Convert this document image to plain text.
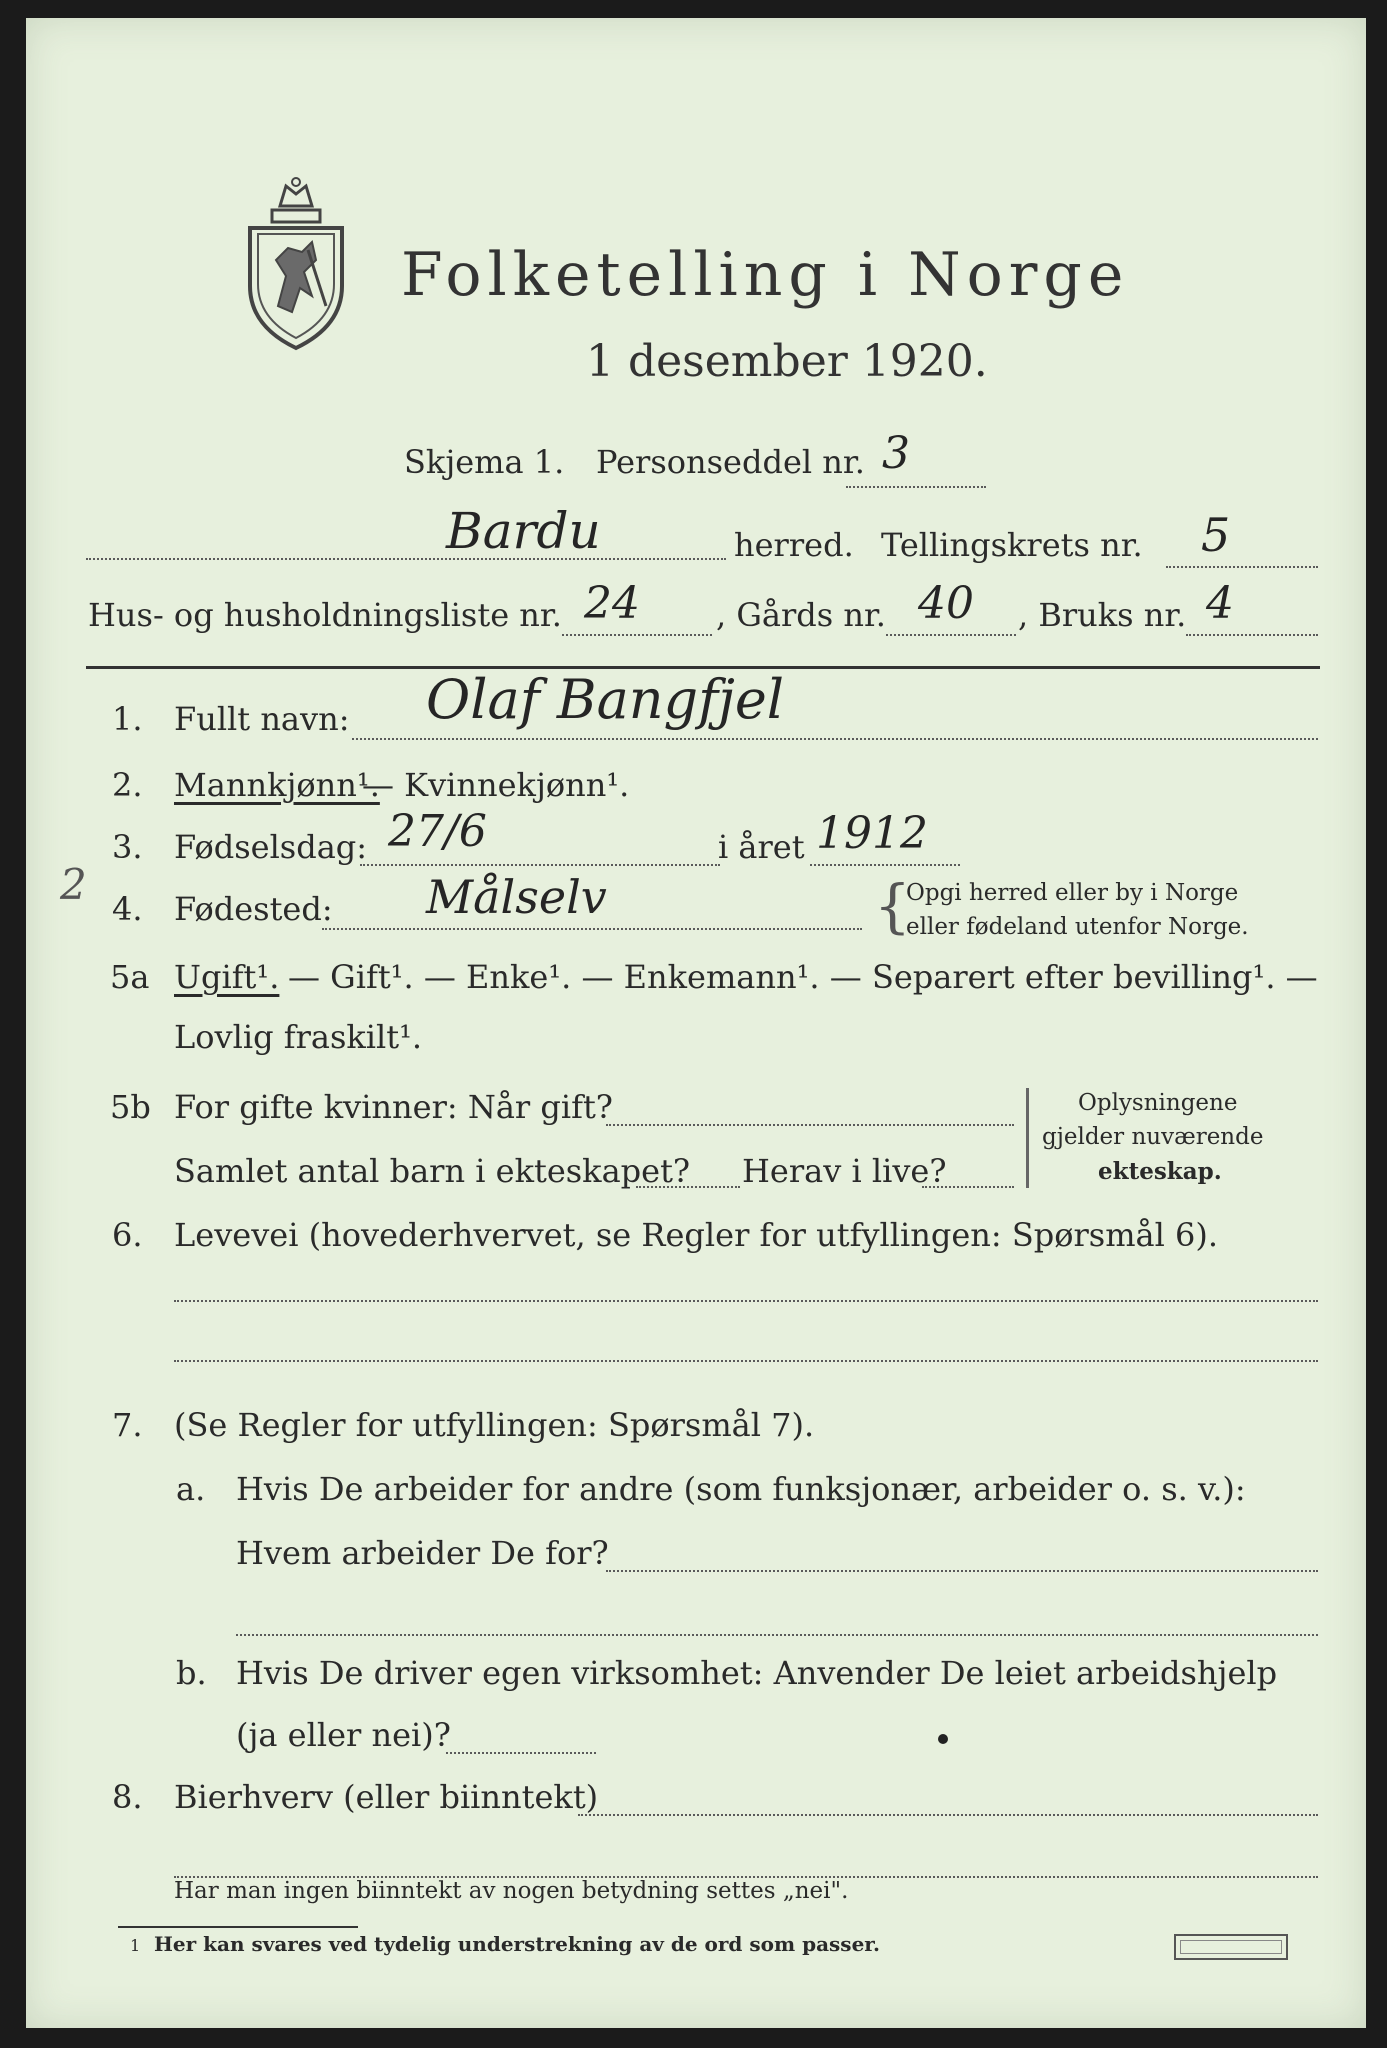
Folketelling i Norge
1 desember 1920.
Skjema 1. Personseddel nr. 3
Bardu	herred. Tellingskrets nr. 5
Hus- og husholdningsliste nr. 24 , Gårds nr. 40 , Bruks nr. 4
1. Fullt navn: Olaf Bangfjel
2. Mannkjønn¹.
— Kvinnekjønn¹.
3. Fødselsdag: 27/6	i året 1912
2 4. Fødested: Målselv	{
Opgi herred eller by i Norge
eller fødeland utenfor Norge.
5a Ugift¹. — Gift¹. — Enke¹. — Enkemann¹. — Separert efter bevilling¹. —
Lovlig fraskilt¹.
5b For gifte kvinner: Når gift?
Samlet antal barn i ekteskapet? Herav i live?
Oplysningene
gjelder nuværende
ekteskap.
6. Levevei (hovederhvervet, se Regler for utfyllingen: Spørsmål 6).
7. (Se Regler for utfyllingen: Spørsmål 7).
a. Hvis De arbeider for andre (som funksjonær, arbeider o. s. v.):
Hvem arbeider De for?
b. Hvis De driver egen virksomhet: Anvender De leiet arbeidshjelp
(ja eller nei)?
8. Bierhverv (eller biinntekt)
Har man ingen biinntekt av nogen betydning settes „nei".
1 Her kan svares ved tydelig understrekning av de ord som passer.
